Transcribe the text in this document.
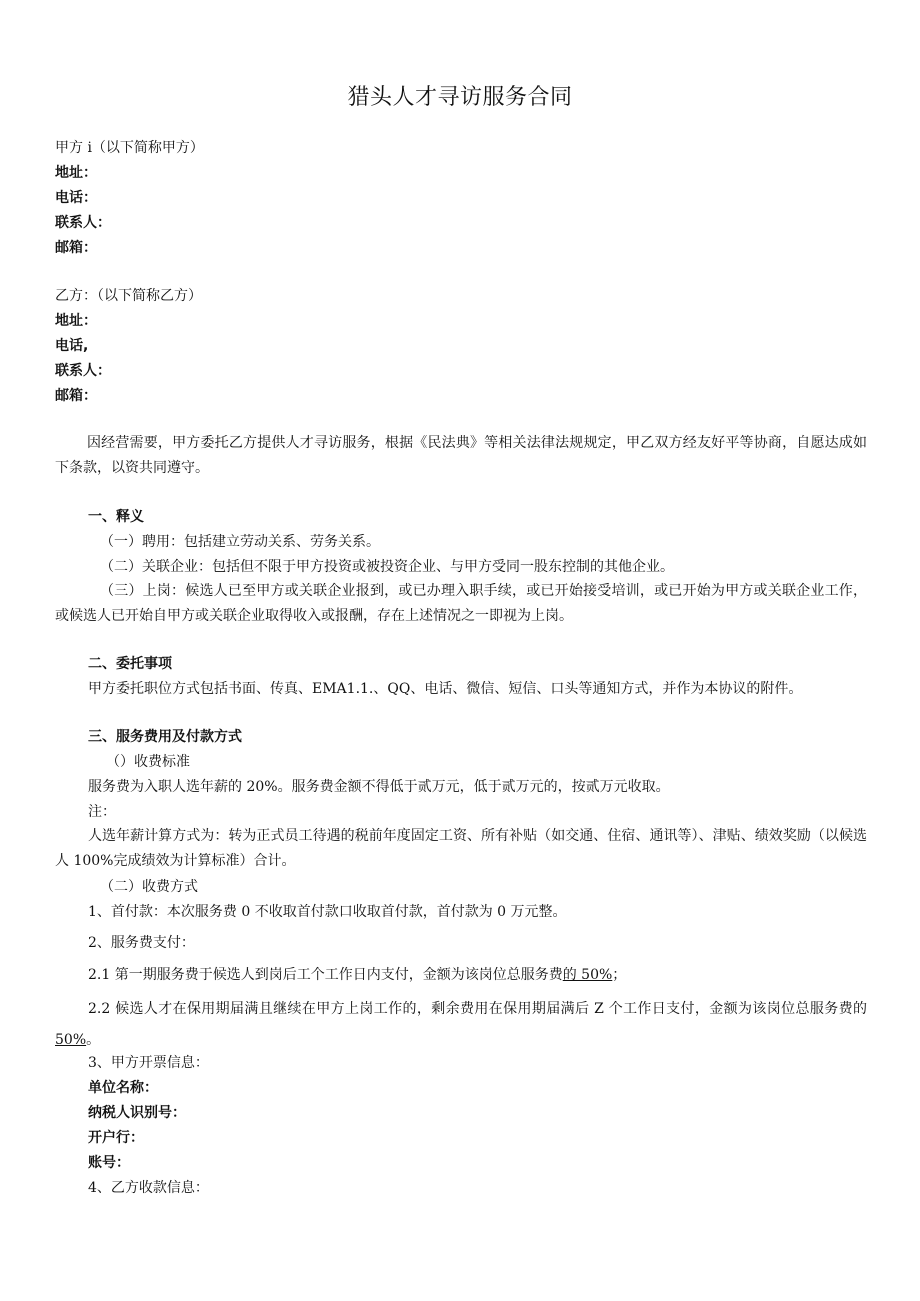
猎头人才寻访服务合同
甲方 i（以下简称甲方）
地址：
电话：
联系人：
邮箱：
乙方：（以下简称乙方）
地址：
电话,
联系人：
邮箱：
因经营需要，甲方委托乙方提供人才寻访服务，根据《民法典》等相关法律法规规定，甲乙双方经友好平等协商，自愿达成如下条款，以资共同遵守。
一、释义
（一）聘用：包括建立劳动关系、劳务关系。
（二）关联企业：包括但不限于甲方投资或被投资企业、与甲方受同一股东控制的其他企业。
（三）上岗：候选人已至甲方或关联企业报到，或已办理入职手续，或已开始接受培训，或已开始为甲方或关联企业工作，或候选人已开始自甲方或关联企业取得收入或报酬，存在上述情况之一即视为上岗。
二、委托事项
甲方委托职位方式包括书面、传真、EMA1.1.、QQ、电话、微信、短信、口头等通知方式，并作为本协议的附件。
三、服务费用及付款方式
（）收费标准
服务费为入职人选年薪的 20%。服务费金额不得低于贰万元，低于贰万元的，按贰万元收取。
注：
人选年薪计算方式为：转为正式员工待遇的税前年度固定工资、所有补贴（如交通、住宿、通讯等）、津贴、绩效奖励（以候选人 100%完成绩效为计算标准）合计。
（二）收费方式
1、首付款：本次服务费 0 不收取首付款口收取首付款，首付款为 0 万元整。
2、服务费支付：
2.1 第一期服务费于候选人到岗后工个工作日内支付，金额为该岗位总服务费的 50%；
2.2 候选人才在保用期届满且继续在甲方上岗工作的，剩余费用在保用期届满后 Z 个工作日支付，金额为该岗位总服务费的 50%。
3、甲方开票信息：
单位名称：
纳税人识别号：
开户行：
账号：
4、乙方收款信息：
